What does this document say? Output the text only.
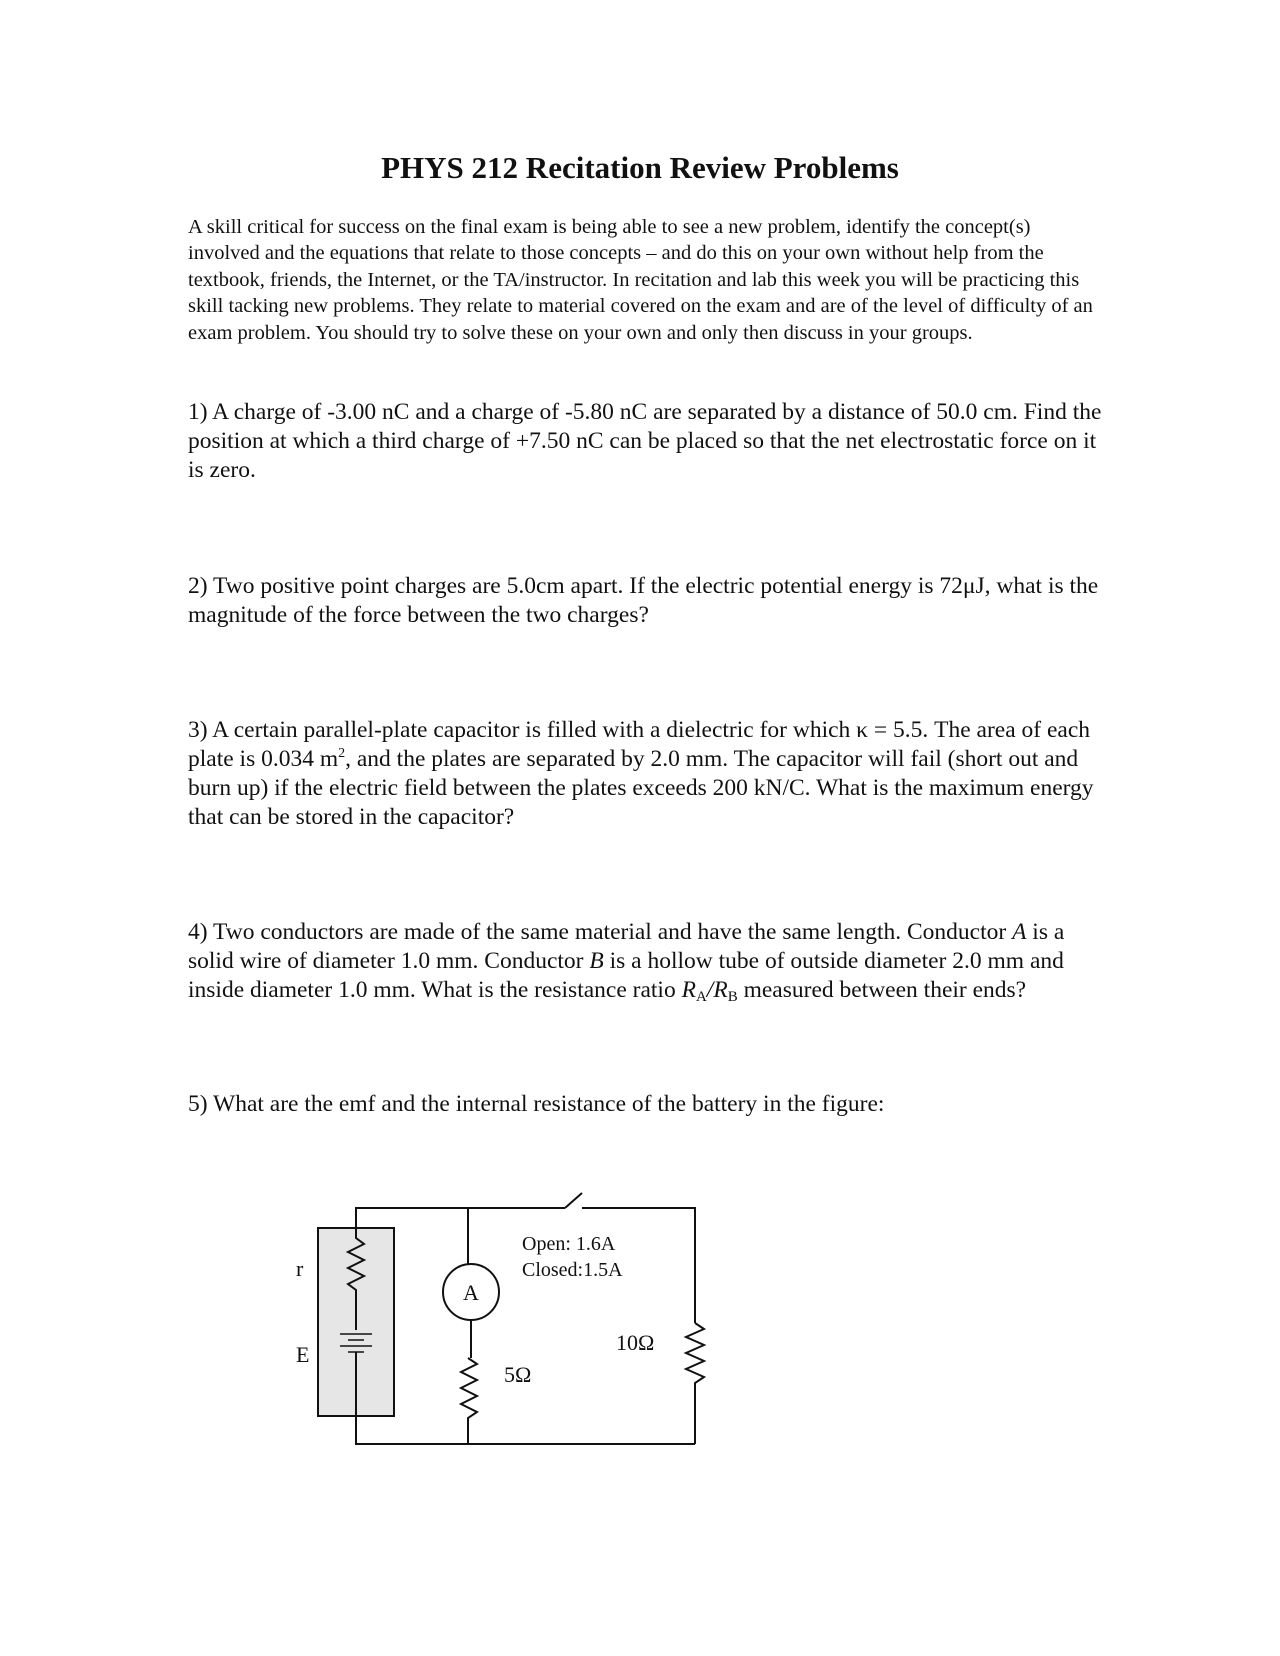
PHYS 212 Recitation Review Problems

A skill critical for success on the final exam is being able to see a new problem, identify the concept(s) involved and the equations that relate to those concepts – and do this on your own without help from the textbook, friends, the Internet, or the TA/instructor. In recitation and lab this week you will be practicing this skill tacking new problems. They relate to material covered on the exam and are of the level of difficulty of an exam problem. You should try to solve these on your own and only then discuss in your groups.

1) A charge of -3.00 nC and a charge of -5.80 nC are separated by a distance of 50.0 cm. Find the position at which a third charge of +7.50 nC can be placed so that the net electrostatic force on it is zero.

2) Two positive point charges are 5.0cm apart. If the electric potential energy is 72μJ, what is the magnitude of the force between the two charges?

3) A certain parallel-plate capacitor is filled with a dielectric for which κ = 5.5. The area of each plate is 0.034 $m^2$, and the plates are separated by 2.0 mm. The capacitor will fail (short out and burn up) if the electric field between the plates exceeds 200 kN/C. What is the maximum energy that can be stored in the capacitor?

4) Two conductors are made of the same material and have the same length. Conductor A is a solid wire of diameter 1.0 mm. Conductor B is a hollow tube of outside diameter 2.0 mm and inside diameter 1.0 mm. What is the resistance ratio $R_A/R_B$ measured between their ends?

5) What are the emf and the internal resistance of the battery in the figure:

r
E
A
Open: 1.6A
Closed:1.5A
10Ω
5Ω
